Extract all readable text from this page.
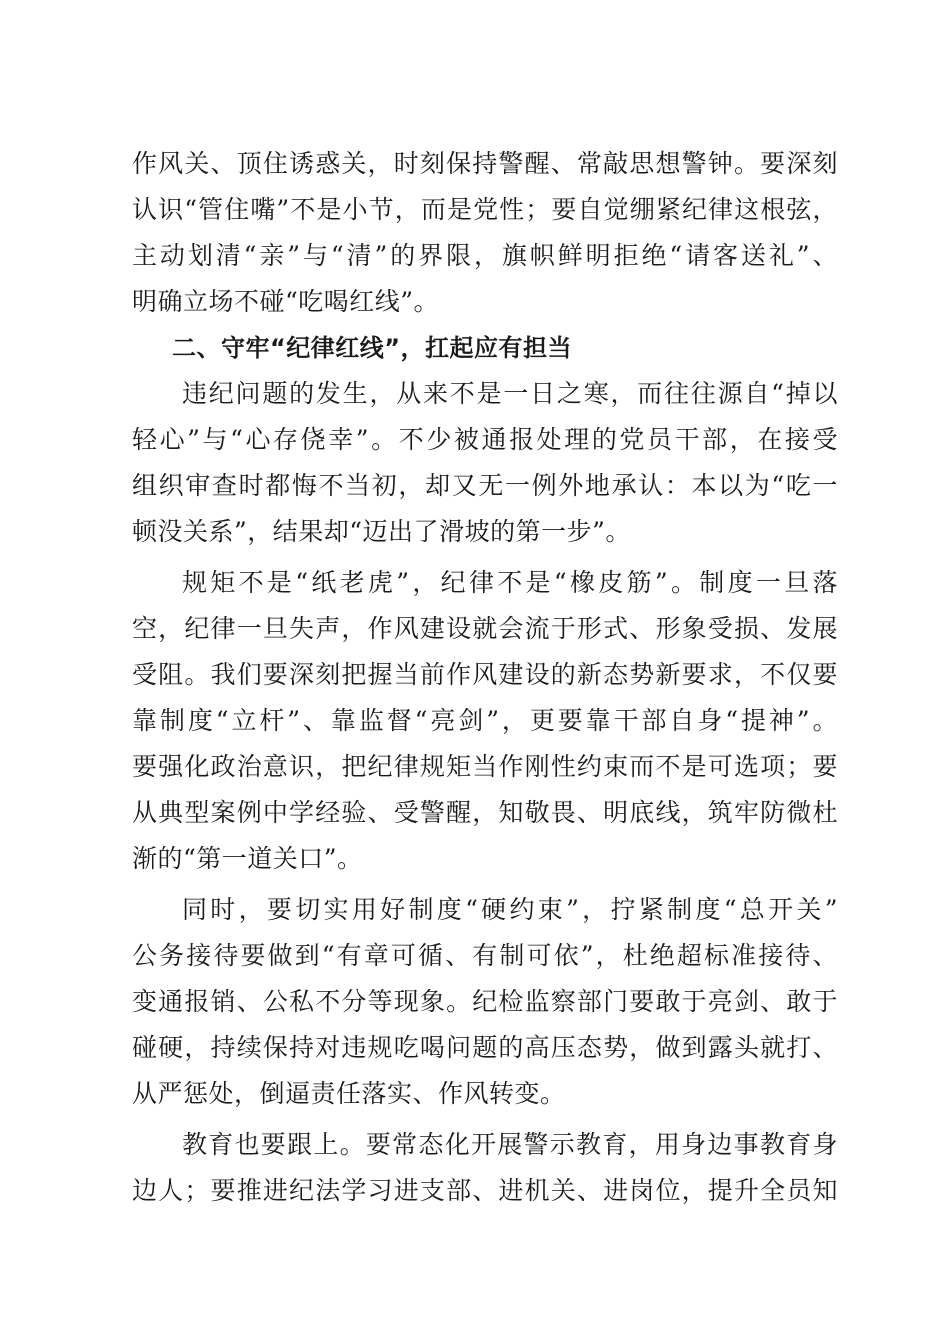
作风关、顶住诱惑关，时刻保持警醒、常敲思想警钟。要深刻
认识“管住嘴”不是小节，而是党性；要自觉绷紧纪律这根弦，
主动划清“亲”与“清”的界限，旗帜鲜明拒绝“请客送礼”、
明确立场不碰“吃喝红线”。
二、守牢“纪律红线”，扛起应有担当
违纪问题的发生，从来不是一日之寒，而往往源自“掉以
轻心”与“心存侥幸”。不少被通报处理的党员干部，在接受
组织审查时都悔不当初，却又无一例外地承认：本以为“吃一
顿没关系”，结果却“迈出了滑坡的第一步”。
规矩不是“纸老虎”，纪律不是“橡皮筋”。制度一旦落
空，纪律一旦失声，作风建设就会流于形式、形象受损、发展
受阻。我们要深刻把握当前作风建设的新态势新要求，不仅要
靠制度“立杆”、靠监督“亮剑”，更要靠干部自身“提神”。
要强化政治意识，把纪律规矩当作刚性约束而不是可选项；要
从典型案例中学经验、受警醒，知敬畏、明底线，筑牢防微杜
渐的“第一道关口”。
同时，要切实用好制度“硬约束”，拧紧制度“总开关”
公务接待要做到“有章可循、有制可依”，杜绝超标准接待、
变通报销、公私不分等现象。纪检监察部门要敢于亮剑、敢于
碰硬，持续保持对违规吃喝问题的高压态势，做到露头就打、
从严惩处，倒逼责任落实、作风转变。
教育也要跟上。要常态化开展警示教育，用身边事教育身
边人；要推进纪法学习进支部、进机关、进岗位，提升全员知
